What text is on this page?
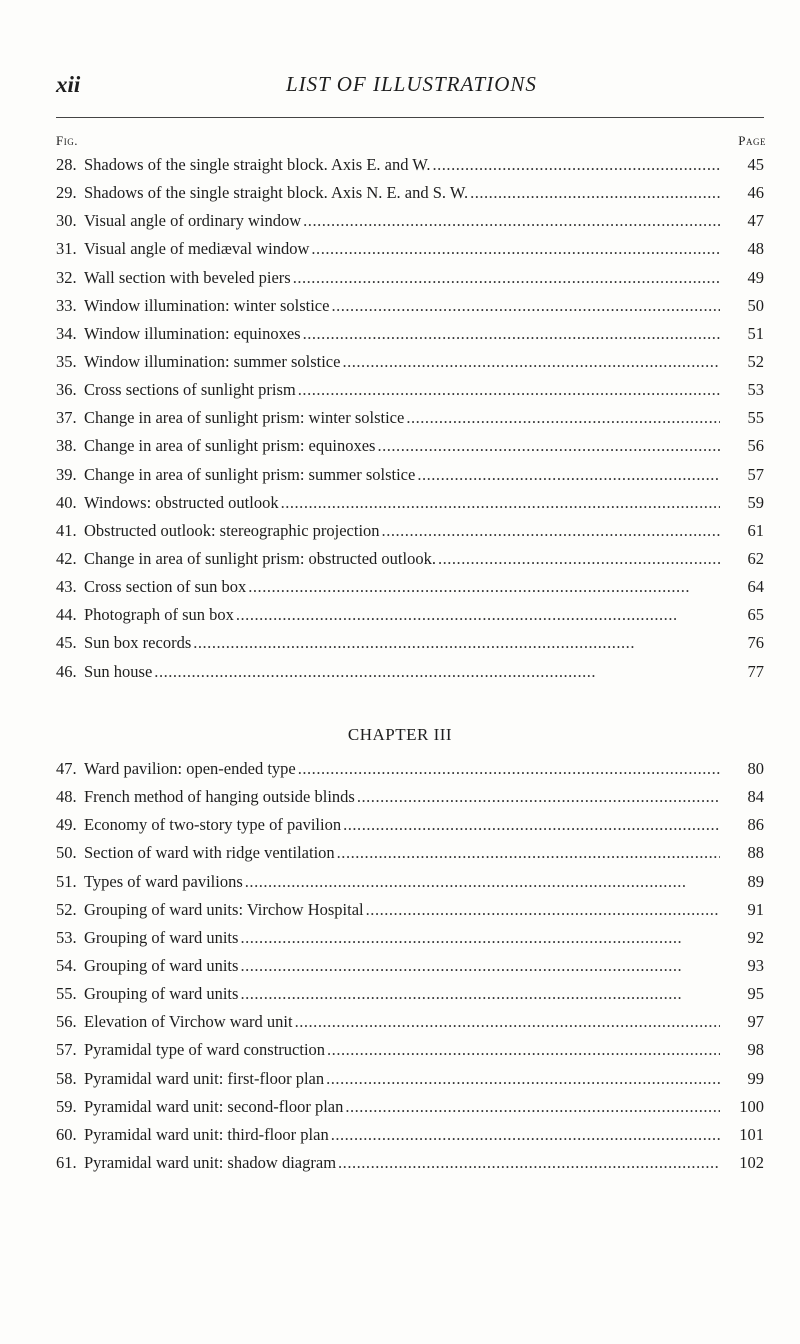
xii	LIST OF ILLUSTRATIONS
Fig.	Page
28. Shadows of the single straight block. Axis E. and W. . . .	45
29. Shadows of the single straight block. Axis N. E. and S. W. . . .	46
30. Visual angle of ordinary window . . .	47
31. Visual angle of mediæval window . . .	48
32. Wall section with beveled piers . . .	49
33. Window illumination: winter solstice . . .	50
34. Window illumination: equinoxes . . .	51
35. Window illumination: summer solstice . . .	52
36. Cross sections of sunlight prism . . .	53
37. Change in area of sunlight prism: winter solstice . . .	55
38. Change in area of sunlight prism: equinoxes . . .	56
39. Change in area of sunlight prism: summer solstice . . .	57
40. Windows: obstructed outlook . . .	59
41. Obstructed outlook: stereographic projection . . .	61
42. Change in area of sunlight prism: obstructed outlook. . . .	62
43. Cross section of sun box . . .	64
44. Photograph of sun box . . .	65
45. Sun box records . . .	76
46. Sun house . . .	77
CHAPTER III
47. Ward pavilion: open-ended type . . .	80
48. French method of hanging outside blinds . . .	84
49. Economy of two-story type of pavilion . . .	86
50. Section of ward with ridge ventilation . . .	88
51. Types of ward pavilions . . .	89
52. Grouping of ward units: Virchow Hospital . . .	91
53. Grouping of ward units . . .	92
54. Grouping of ward units . . .	93
55. Grouping of ward units . . .	95
56. Elevation of Virchow ward unit . . .	97
57. Pyramidal type of ward construction . . .	98
58. Pyramidal ward unit: first-floor plan . . .	99
59. Pyramidal ward unit: second-floor plan . . .	100
60. Pyramidal ward unit: third-floor plan . . .	101
61. Pyramidal ward unit: shadow diagram . . .	102
